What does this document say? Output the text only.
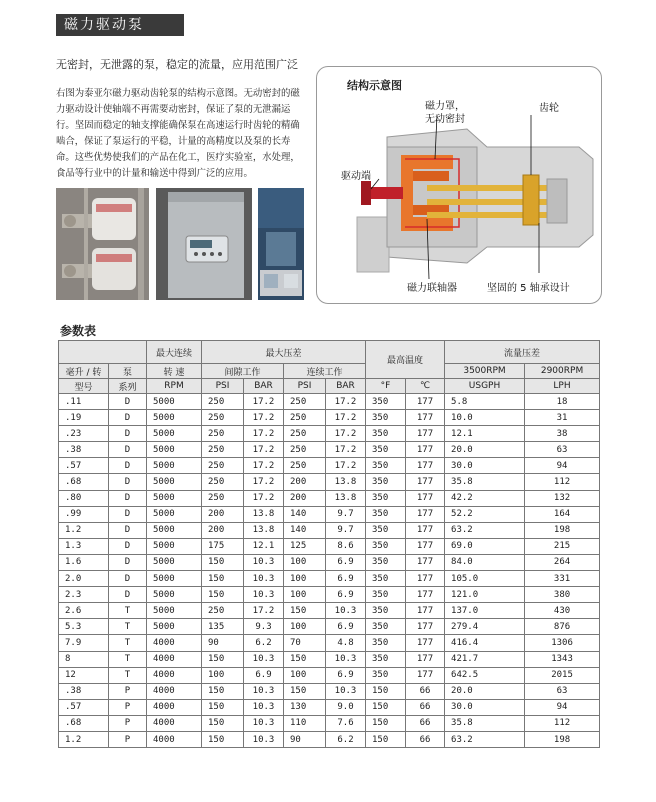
磁力驱动泵
无密封，无泄露的泵，稳定的流量，应用范围广泛
右图为泰亚尔磁力驱动齿轮泵的结构示意图。无动密封的磁力驱动设计使轴端不再需要动密封，保证了泵的无泄漏运行。坚固而稳定的轴支撑能确保泵在高速运行时齿轮的精确啮合，保证了泵运行的平稳，计量的高精度以及泵的长寿命。这些优势使我们的产品在化工，医疗实验室，水处理，食品等行业中的计量和输送中得到广泛的应用。
结构示意图
磁力罩，
无动密封
齿轮
驱动端
磁力联轴器	坚固的 5 轴承设计
参数表
		最大连续	最大压差				最高温度		流量压差	
毫升 / 转	泵	转 速	间隙工作		连续工作				3500RPM	2900RPM
型号	系列	RPM	PSI	BAR	PSI	BAR	°F	℃	USGPH	LPH
.11	D	5000	250	17.2	250	17.2	350	177	5.8	18
.19	D	5000	250	17.2	250	17.2	350	177	10.0	31
.23	D	5000	250	17.2	250	17.2	350	177	12.1	38
.38	D	5000	250	17.2	250	17.2	350	177	20.0	63
.57	D	5000	250	17.2	250	17.2	350	177	30.0	94
.68	D	5000	250	17.2	200	13.8	350	177	35.8	112
.80	D	5000	250	17.2	200	13.8	350	177	42.2	132
.99	D	5000	200	13.8	140	9.7	350	177	52.2	164
1.2	D	5000	200	13.8	140	9.7	350	177	63.2	198
1.3	D	5000	175	12.1	125	8.6	350	177	69.0	215
1.6	D	5000	150	10.3	100	6.9	350	177	84.0	264
2.0	D	5000	150	10.3	100	6.9	350	177	105.0	331
2.3	D	5000	150	10.3	100	6.9	350	177	121.0	380
2.6	T	5000	250	17.2	150	10.3	350	177	137.0	430
5.3	T	5000	135	9.3	100	6.9	350	177	279.4	876
7.9	T	4000	90	6.2	70	4.8	350	177	416.4	1306
8	T	4000	150	10.3	150	10.3	350	177	421.7	1343
12	T	4000	100	6.9	100	6.9	350	177	642.5	2015
.38	P	4000	150	10.3	150	10.3	150	66	20.0	63
.57	P	4000	150	10.3	130	9.0	150	66	30.0	94
.68	P	4000	150	10.3	110	7.6	150	66	35.8	112
1.2	P	4000	150	10.3	90	6.2	150	66	63.2	198
